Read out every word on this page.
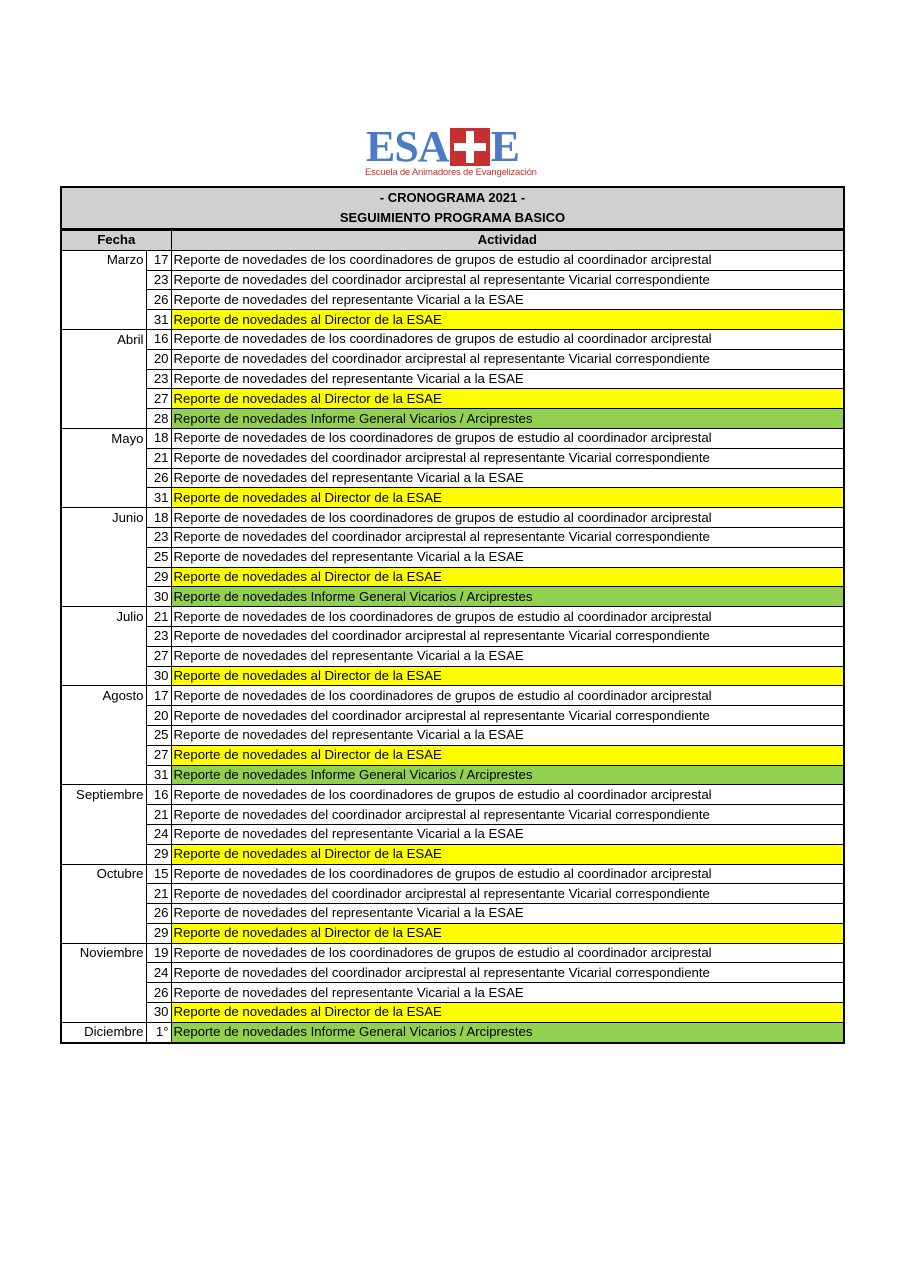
ESA E
Escuela de Animadores de Evangelización
- CRONOGRAMA 2021 -
SEGUIMIENTO PROGRAMA BASICO
Fecha		Actividad
Marzo	17	Reporte de novedades de los coordinadores de grupos de estudio al coordinador arciprestal
	23	Reporte de novedades del coordinador arciprestal al representante Vicarial correspondiente
	26	Reporte de novedades del representante Vicarial a la ESAE
	31	Reporte de novedades al Director de la ESAE
Abril	16	Reporte de novedades de los coordinadores de grupos de estudio al coordinador arciprestal
	20	Reporte de novedades del coordinador arciprestal al representante Vicarial correspondiente
	23	Reporte de novedades del representante Vicarial a la ESAE
	27	Reporte de novedades al Director de la ESAE
	28	Reporte de novedades Informe General Vicarios / Arciprestes
Mayo	18	Reporte de novedades de los coordinadores de grupos de estudio al coordinador arciprestal
	21	Reporte de novedades del coordinador arciprestal al representante Vicarial correspondiente
	26	Reporte de novedades del representante Vicarial a la ESAE
	31	Reporte de novedades al Director de la ESAE
Junio	18	Reporte de novedades de los coordinadores de grupos de estudio al coordinador arciprestal
	23	Reporte de novedades del coordinador arciprestal al representante Vicarial correspondiente
	25	Reporte de novedades del representante Vicarial a la ESAE
	29	Reporte de novedades al Director de la ESAE
	30	Reporte de novedades Informe General Vicarios / Arciprestes
Julio	21	Reporte de novedades de los coordinadores de grupos de estudio al coordinador arciprestal
	23	Reporte de novedades del coordinador arciprestal al representante Vicarial correspondiente
	27	Reporte de novedades del representante Vicarial a la ESAE
	30	Reporte de novedades al Director de la ESAE
Agosto	17	Reporte de novedades de los coordinadores de grupos de estudio al coordinador arciprestal
	20	Reporte de novedades del coordinador arciprestal al representante Vicarial correspondiente
	25	Reporte de novedades del representante Vicarial a la ESAE
	27	Reporte de novedades al Director de la ESAE
	31	Reporte de novedades Informe General Vicarios / Arciprestes
Septiembre	16	Reporte de novedades de los coordinadores de grupos de estudio al coordinador arciprestal
	21	Reporte de novedades del coordinador arciprestal al representante Vicarial correspondiente
	24	Reporte de novedades del representante Vicarial a la ESAE
	29	Reporte de novedades al Director de la ESAE
Octubre	15	Reporte de novedades de los coordinadores de grupos de estudio al coordinador arciprestal
	21	Reporte de novedades del coordinador arciprestal al representante Vicarial correspondiente
	26	Reporte de novedades del representante Vicarial a la ESAE
	29	Reporte de novedades al Director de la ESAE
Noviembre	19	Reporte de novedades de los coordinadores de grupos de estudio al coordinador arciprestal
	24	Reporte de novedades del coordinador arciprestal al representante Vicarial correspondiente
	26	Reporte de novedades del representante Vicarial a la ESAE
	30	Reporte de novedades al Director de la ESAE
Diciembre	1°	Reporte de novedades Informe General Vicarios / Arciprestes
